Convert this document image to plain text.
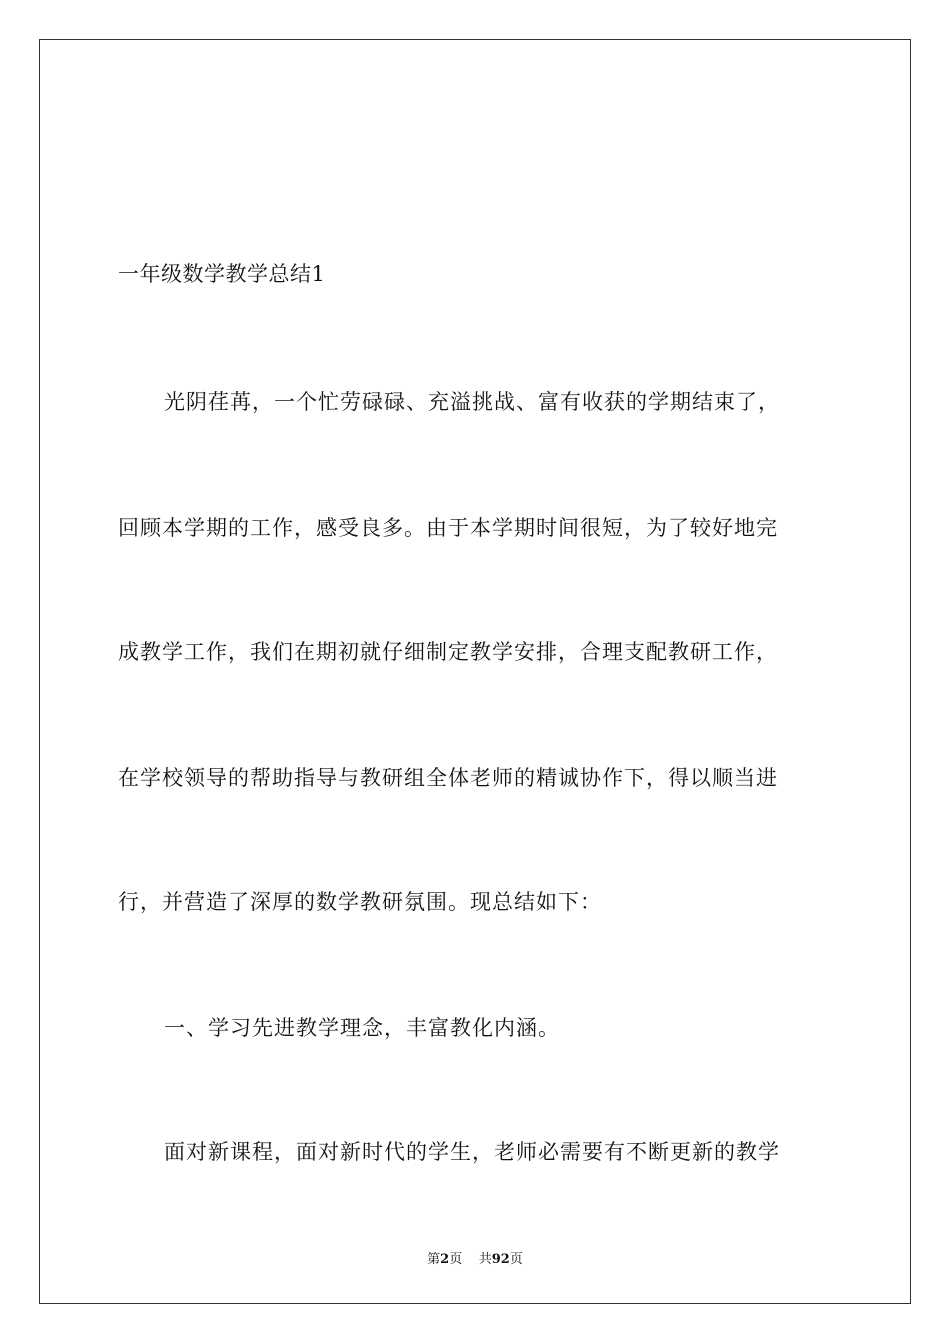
一年级数学教学总结1
光阴荏苒，一个忙劳碌碌、充溢挑战、富有收获的学期结束了，
回顾本学期的工作，感受良多。由于本学期时间很短，为了较好地完
成教学工作，我们在期初就仔细制定教学安排，合理支配教研工作，
在学校领导的帮助指导与教研组全体老师的精诚协作下，得以顺当进
行，并营造了深厚的数学教研氛围。现总结如下：
一、学习先进教学理念，丰富教化内涵。
面对新课程，面对新时代的学生，老师必需要有不断更新的教学
第2页 共92页
